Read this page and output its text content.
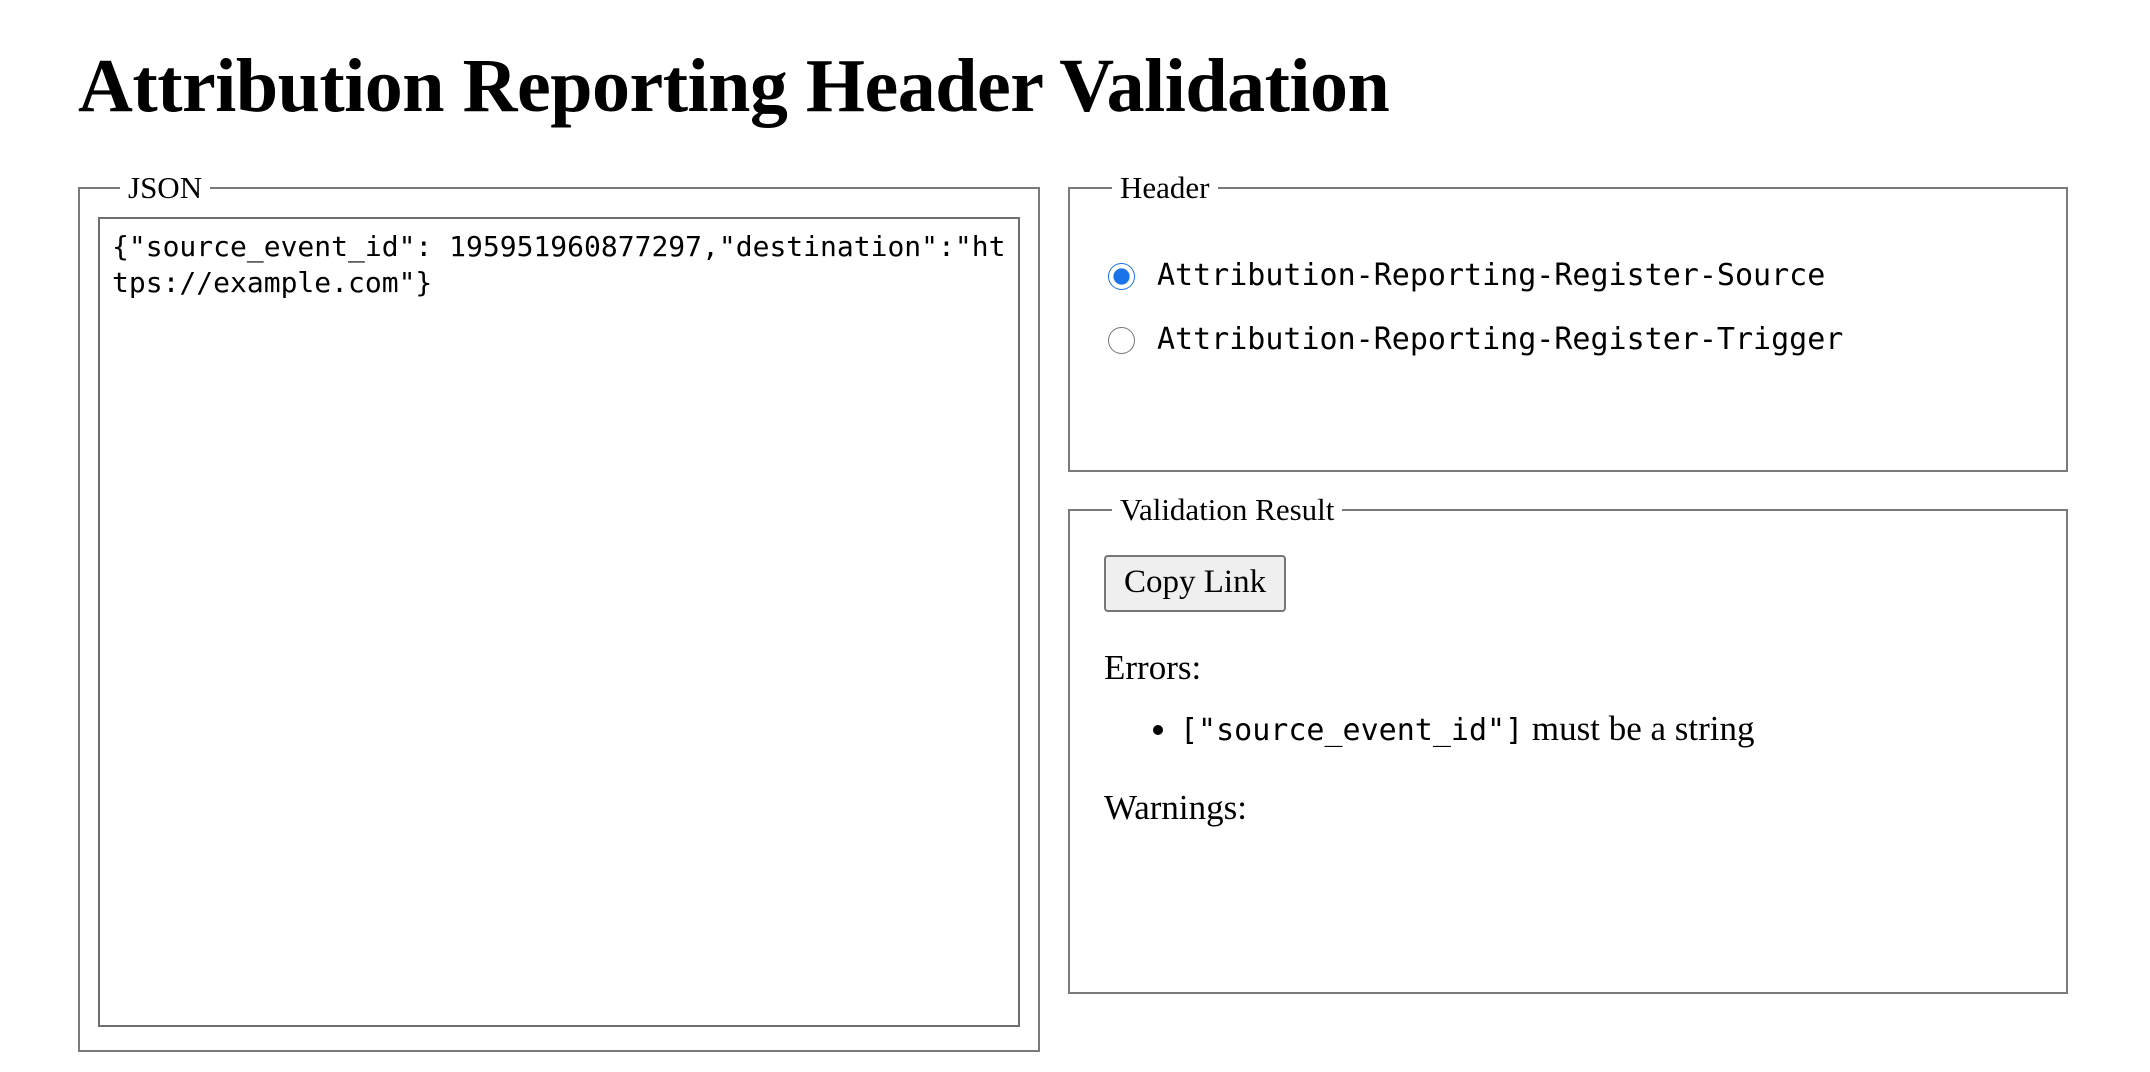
Attribution Reporting Header Validation
JSON
{"source_event_id": 195951960877297,"destination":"https://example.com"}	Header
Attribution-Reporting-Register-Source
Attribution-Reporting-Register-Trigger
Validation Result
Copy Link
Errors:
• ["source_event_id"] must be a string
Warnings:
